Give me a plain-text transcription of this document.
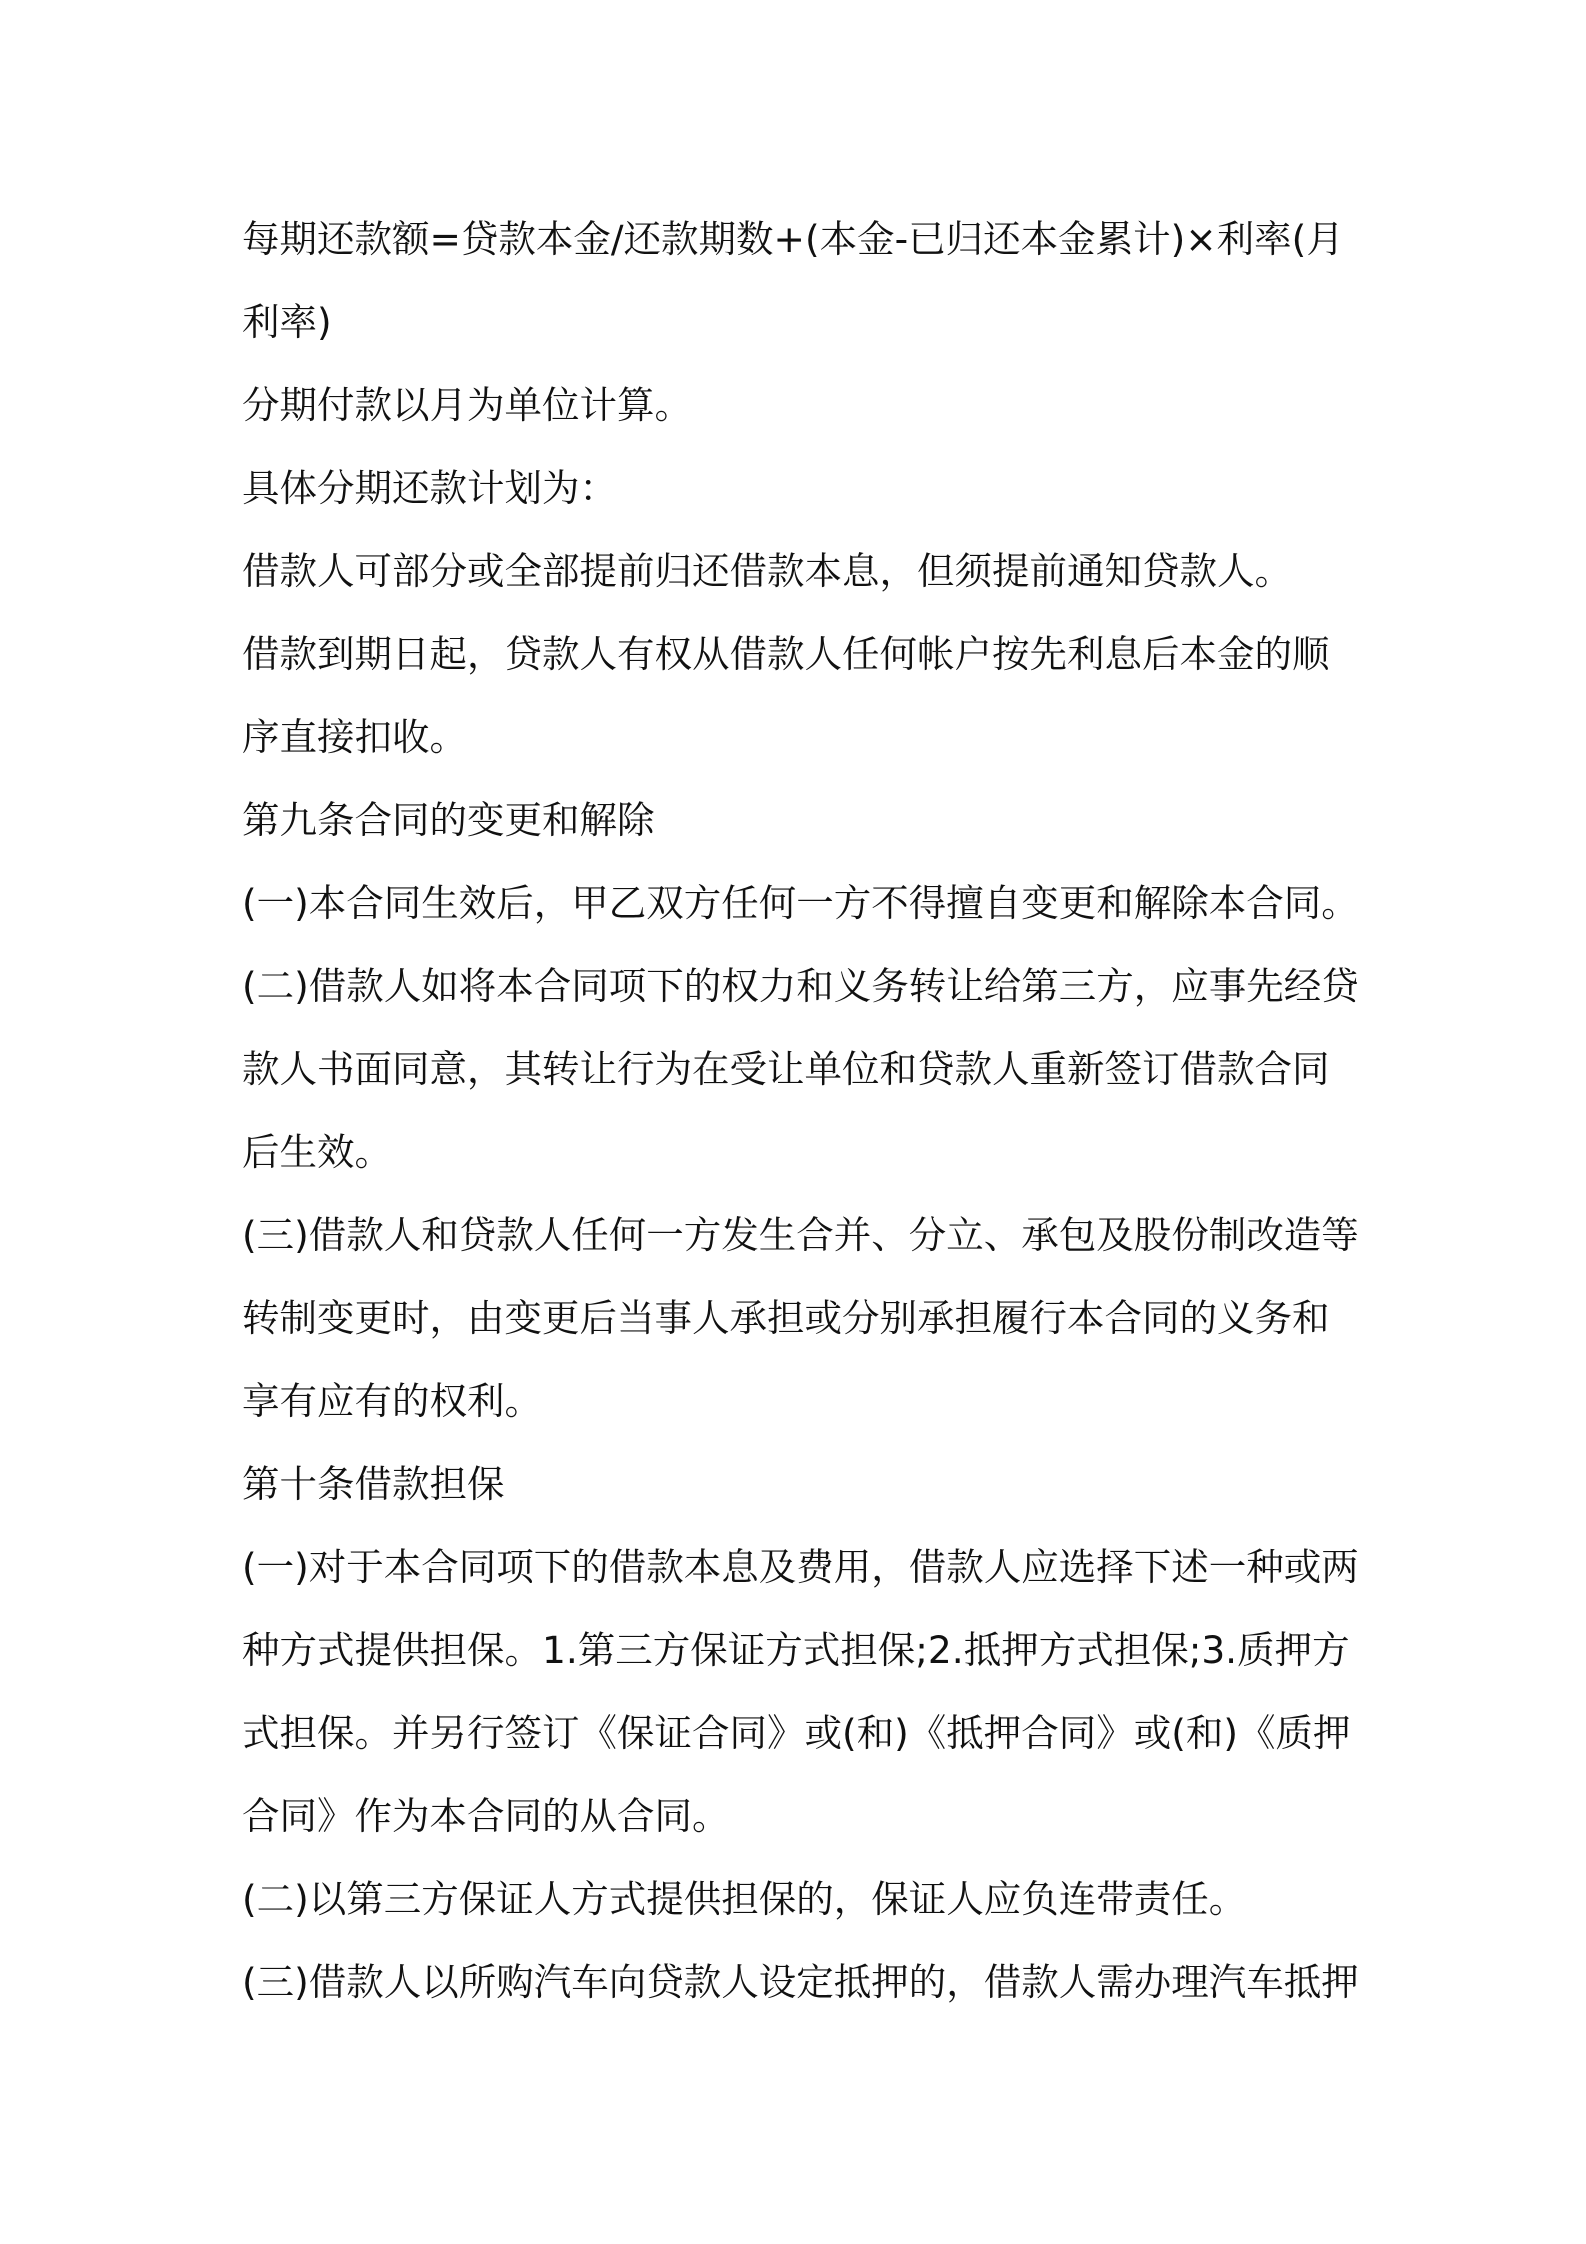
每期还款额=贷款本金/还款期数+(本金-已归还本金累计)×利率(月利率)

分期付款以月为单位计算。

具体分期还款计划为：

借款人可部分或全部提前归还借款本息，但须提前通知贷款人。

借款到期日起，贷款人有权从借款人任何帐户按先利息后本金的顺序直接扣收。

第九条合同的变更和解除

(一)本合同生效后，甲乙双方任何一方不得擅自变更和解除本合同。

(二)借款人如将本合同项下的权力和义务转让给第三方，应事先经贷款人书面同意，其转让行为在受让单位和贷款人重新签订借款合同后生效。

(三)借款人和贷款人任何一方发生合并、分立、承包及股份制改造等转制变更时，由变更后当事人承担或分别承担履行本合同的义务和享有应有的权利。

第十条借款担保

(一)对于本合同项下的借款本息及费用，借款人应选择下述一种或两种方式提供担保。1.第三方保证方式担保;2.抵押方式担保;3.质押方式担保。并另行签订《保证合同》或(和)《抵押合同》或(和)《质押合同》作为本合同的从合同。

(二)以第三方保证人方式提供担保的，保证人应负连带责任。

(三)借款人以所购汽车向贷款人设定抵押的，借款人需办理汽车抵押
